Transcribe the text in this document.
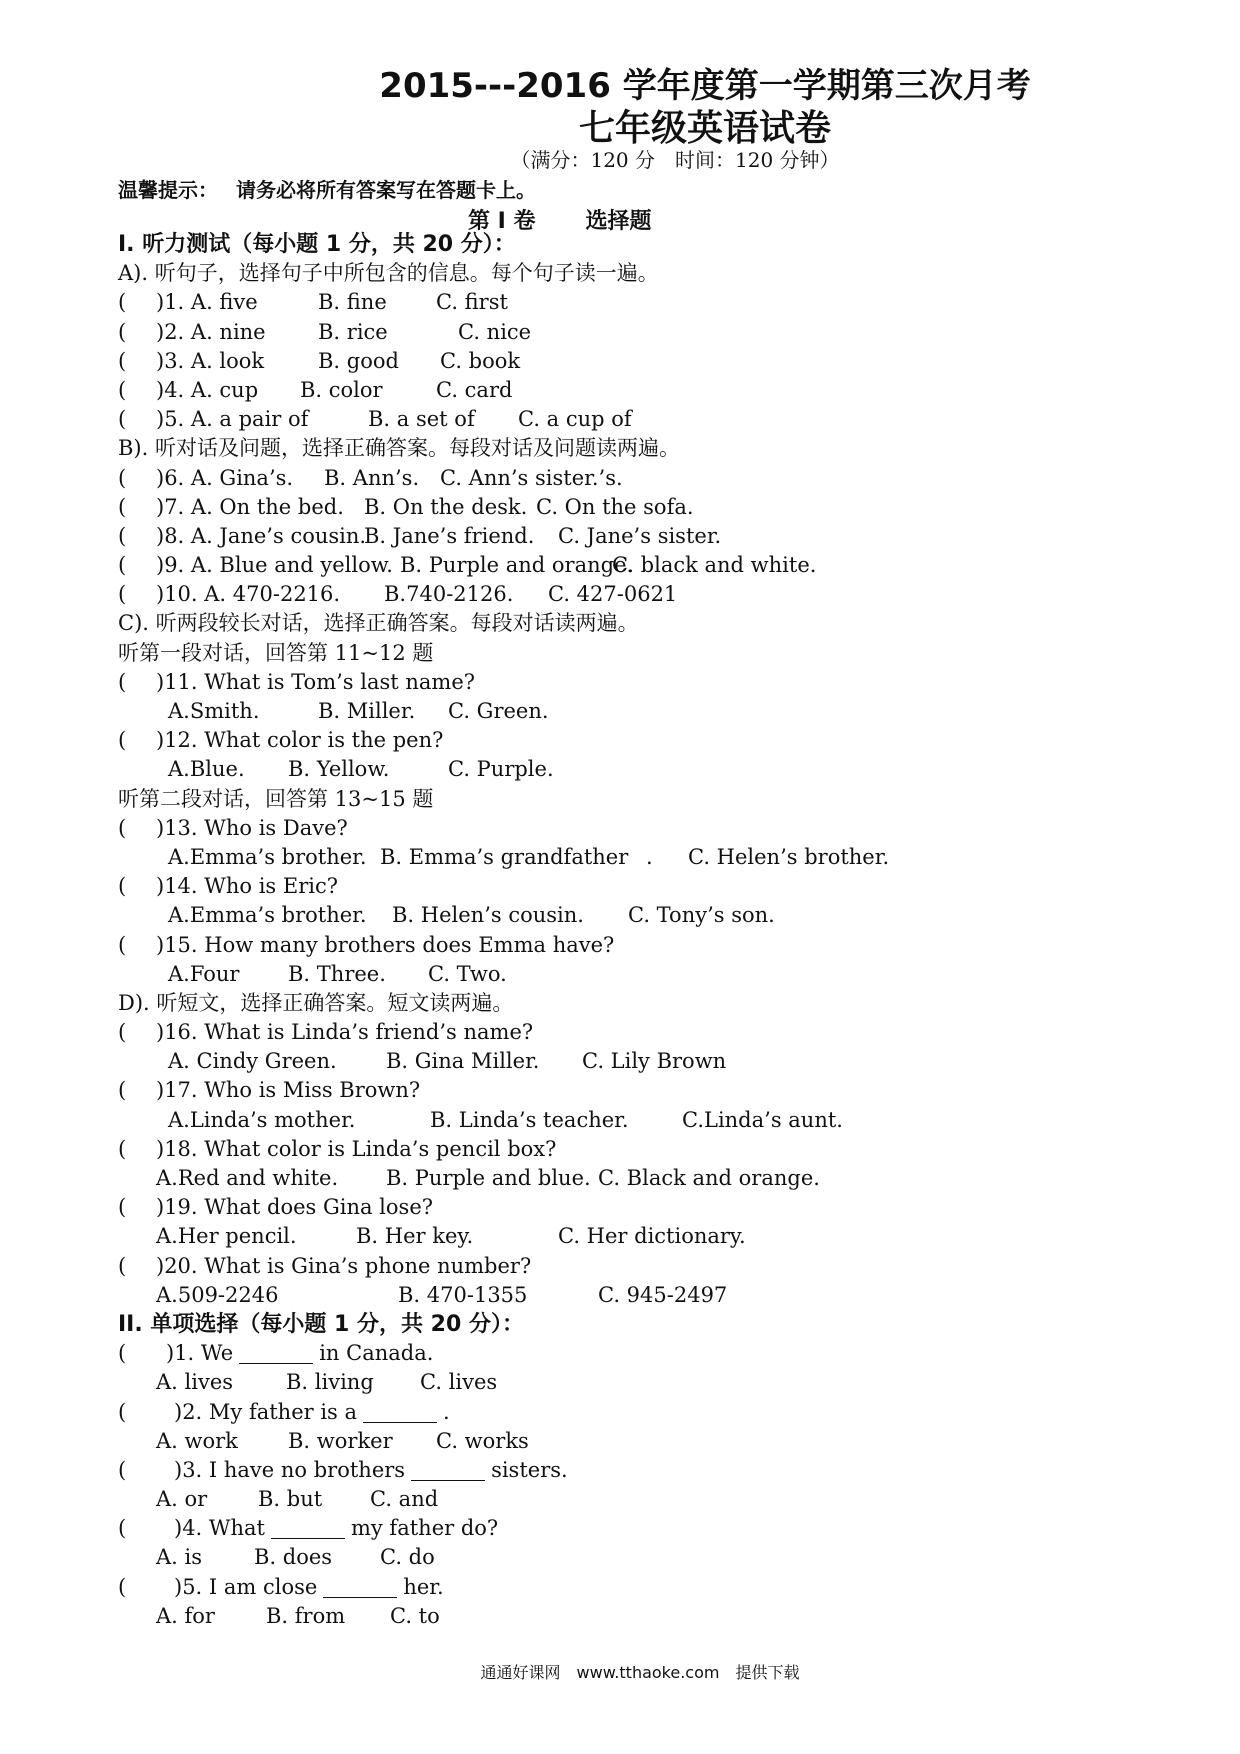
2015---2016 学年度第一学期第三次月考
七年级英语试卷
（满分：120 分　时间：120 分钟）
温馨提示： 请务必将所有答案写在答题卡上。
第 I 卷 选择题
I. 听力测试（每小题 1 分，共 20 分）：
A). 听句子，选择句子中所包含的信息。每个句子读一遍。
( )1. A. five	B. fine C. first
( )2. A. nine B. rice	C. nice
( )3. A. look	B. good C. book
( )4. A. cup B. color	C. card
( )5. A. a pair of	B. a set of C. a cup of
B). 听对话及问题，选择正确答案。每段对话及问题读两遍。
( )6. A. Gina’s. B. Ann’s. C. Ann’s sister.’s.
( )7. A. On the bed. B. On the desk. C. On the sofa.
( )8. A. Jane’s cousin.
B. Jane’s friend. C. Jane’s sister.
( )9. A. Blue and yellow. B. Purple and orange.
C. black and white.
( )10. A. 470-2216. B.740-2126. C. 427-0621
C). 听两段较长对话，选择正确答案。每段对话读两遍。
听第一段对话，回答第 11~12 题
( )11. What is Tom’s last name?
A.Smith.	B. Miller. C. Green.
( )12. What color is the pen?
A.Blue. B. Yellow.	C. Purple.
听第二段对话，回答第 13~15 题
( )13. Who is Dave?
A.Emma’s brother. B. Emma’s grandfather . C. Helen’s brother.
( )14. Who is Eric?
A.Emma’s brother. B. Helen’s cousin. C. Tony’s son.
( )15. How many brothers does Emma have?
A.Four B. Three. C. Two.
D). 听短文，选择正确答案。短文读两遍。
( )16. What is Linda’s friend’s name?
A. Cindy Green. B. Gina Miller. C. Lily Brown
( )17. Who is Miss Brown?
A.Linda’s mother.	B. Linda’s teacher.	C.Linda’s aunt.
( )18. What color is Linda’s pencil box?
A.Red and white. B. Purple and blue. C. Black and orange.
( )19. What does Gina lose?
A.Her pencil.	B. Her key.	C. Her dictionary.
( )20. What is Gina’s phone number?
A.509-2246	B. 470-1355	C. 945-2497
II. 单项选择（每小题 1 分，共 20 分）：
( )1. We	in Canada.
A. lives	B. living C. lives
( )2. My father is a	.
A. work B. worker C. works
( )3. I have no brothers	sisters.
A. or B. but C. and
( )4. What	my father do?
A. is B. does C. do
( )5. I am close	her.
A. for B. from C. to
通通好课网　www.tthaoke.com　提供下载
